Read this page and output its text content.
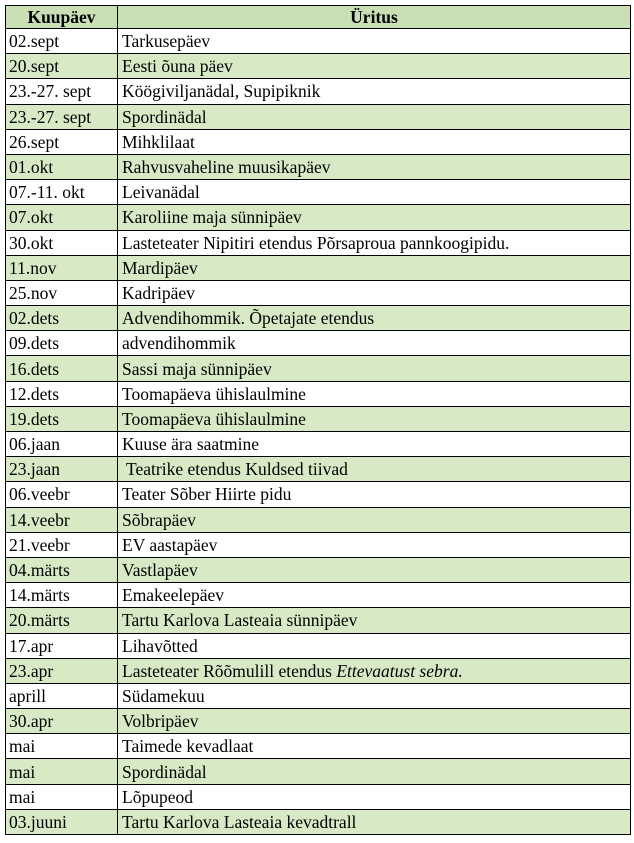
Kuupäev	Üritus
02.sept	Tarkusepäev
20.sept	Eesti õuna päev
23.-27. sept	Köögiviljanädal, Supipiknik
23.-27. sept	Spordinädal
26.sept	Mihklilaat
01.okt	Rahvusvaheline muusikapäev
07.-11. okt	Leivanädal
07.okt	Karoliine maja sünnipäev
30.okt	Lasteteater Nipitiri etendus Põrsaproua pannkoogipidu.
11.nov	Mardipäev
25.nov	Kadripäev
02.dets	Advendihommik. Õpetajate etendus
09.dets	advendihommik
16.dets	Sassi maja sünnipäev
12.dets	Toomapäeva ühislaulmine
19.dets	Toomapäeva ühislaulmine
06.jaan	Kuuse ära saatmine
23.jaan	Teatrike etendus Kuldsed tiivad
06.veebr	Teater Sõber Hiirte pidu
14.veebr	Sõbrapäev
21.veebr	EV aastapäev
04.märts	Vastlapäev
14.märts	Emakeelepäev
20.märts	Tartu Karlova Lasteaia sünnipäev
17.apr	Lihavõtted
23.apr	Lasteteater Rõõmulill etendus Ettevaatust sebra.
aprill	Südamekuu
30.apr	Volbripäev
mai	Taimede kevadlaat
mai	Spordinädal
mai	Lõpupeod
03.juuni	Tartu Karlova Lasteaia kevadtrall
